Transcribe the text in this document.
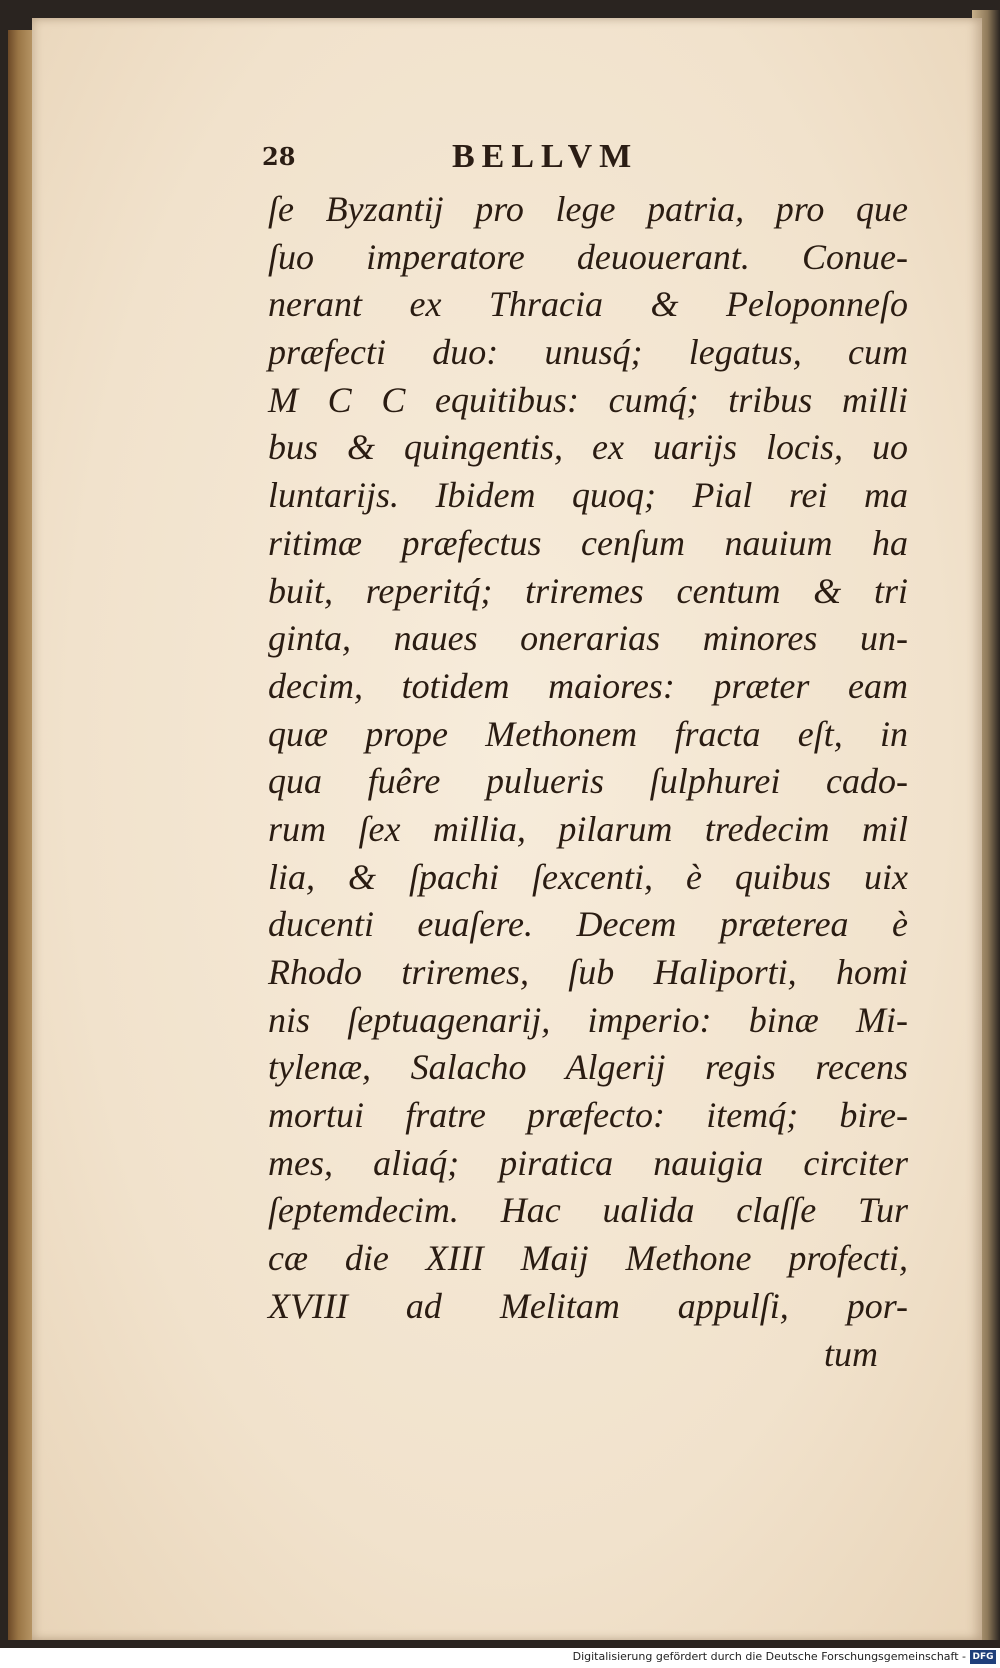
28	BELLVM
ſe Byzantij pro lege patria, pro que
ſuo imperatore deuouerant. Conue-
nerant ex Thracia & Peloponneſo
præfecti duo: unusq́; legatus, cum
M C C equitibus: cumq́; tribus milli
bus & quingentis, ex uarijs locis, uo
luntarijs. Ibidem quoq; Pial rei ma
ritimæ præfectus cenſum nauium ha
buit, reperitq́; triremes centum & tri
ginta, naues onerarias minores un-
decim, totidem maiores: præter eam
quæ prope Methonem fracta eſt, in
qua fuêre pulueris ſulphurei cado-
rum ſex millia, pilarum tredecim mil
lia, & ſpachi ſexcenti, è quibus uix
ducenti euaſere. Decem præterea è
Rhodo triremes, ſub Haliporti, homi
nis ſeptuagenarij, imperio: binæ Mi-
tylenæ, Salacho Algerij regis recens
mortui fratre præfecto: itemq́; bire-
mes, aliaq́; piratica nauigia circiter
ſeptemdecim. Hac ualida claſſe Tur
cæ die XIII Maij Methone profecti,
XVIII ad Melitam appulſi, por-
tum
Digitalisierung gefördert durch die Deutsche Forschungsgemeinschaft - DFG
